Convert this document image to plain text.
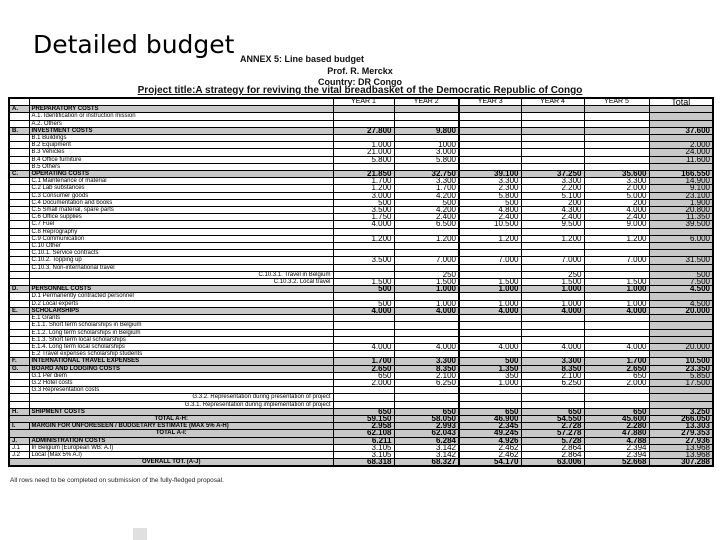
Detailed budget ANNEX 5: Line based budget
Prof. R. Merckx
Country: DR Congo
Project title:A strategy for reviving the vital breadbasket of the Democratic Republic of Congo
		YEAR 1	YEAR 2	YEAR 3	YEAR 4	YEAR 5	Total
A.	PREPARATORY COSTS						
	A.1. Identification or instruction mission						
	A.2. Others						
B.	INVESTMENT COSTS	27.800	9.800				37.600
	B.1 Buildings						
	B.2 Equipment	1.000	1000				2.000
	B.3 Vehicles	21.000	3.000				24.000
	B.4 Office furniture	5.800	5.800				11.600
	B.5 Others						
C.	OPERATING COSTS	21.850	32.750	39.100	37.250	35.600	166.550
	C.1 Maintenance of material	1.700	3.300	3.300	3.300	3.300	14.900
	C.2 Lab substances	1.200	1.700	2.300	2.200	2.000	9.100
	C.3 Consumer goods	3.000	4.200	5.800	5.100	5.000	23.100
	C.4 Documentation and books	500	500	500	200	200	1.900
	C.5 Small material, spare parts	3.500	4.200	4.800	4.300	4.000	20.800
	C.6 Office supplies	1.750	2.400	2.400	2.400	2.400	11.350
	C.7 Fuel	4.000	6.500	10.500	9.500	9.000	39.500
	C.8 Reprography						
	C.9 Communication	1.200	1.200	1.200	1.200	1.200	6.000
	C.10 Other						
	C.10.1. Service contracts						
	C.10.2. Topping up	3.500	7.000	7.000	7.000	7.000	31.500
	C.10.3. Non-international travel						
	C.10.3.1. Travel in Belgium		250		250		500
	C.10.3.2. Local travel	1.500	1.500	1.500	1.500	1.500	7.500
D.	PERSONNEL COSTS	500	1.000	1.000	1.000	1.000	4.500
	D.1 Permanently contracted personnel						
	D.2 Local experts	500	1.000	1.000	1.000	1.000	4.500
E.	SCHOLARSHIPS	4.000	4.000	4.000	4.000	4.000	20.000
	E.1 Grants						
	E.1.1. Short term scholarships in Belgium						
	E.1.2. Long term scholarships in Belgium						
	E.1.3. Short term local scholarships						
	E.1.4. Long term local scholarships	4.000	4.000	4.000	4.000	4.000	20.000
	E.2 Travel expenses scholarship students						
F.	INTERNATIONAL TRAVEL EXPENSES	1.700	3.300	500	3.300	1.700	10.500
G.	BOARD AND LODGING COSTS	2.650	8.350	1.350	8.350	2.650	23.350
	G.1 Per diem	650	2.100	350	2.100	650	5.850
	G.2 Hotel costs	2.000	6.250	1.000	6.250	2.000	17.500
	G.3 Representation costs						
	G.3.2. Representation during presentation of project						
	G.3.1. Representation during implementation of project						
H.	SHIPMENT COSTS	650	650	650	650	650	3.250
TOTAL A-H:		59.150	58.050	46.900	54.550	45.600	266.050
I.	MARGIN FOR UNFORESEEN / BUDGETARY ESTIMATE (MAX 5% A-H)	2.958	2.993	2.345	2.728	2.280	13.303
TOTAL A-I:		62.108	62.043	49.245	57.278	47.880	279.353
J.	ADMINISTRATION COSTS	6.211	6.284	4.926	5.728	4.788	27.936
J.1	In Belgium (European WB: A.I)	3.105	3.142	2.462	2.864	2.394	13.968
J.2	Local (Max 5% A.I)	3.105	3.142	2.462	2.864	2.394	13.968
OVERALL TOT. (A-J)		68.318	68.327	54.170	63.006	52.668	307.288
All rows need to be completed on submission of the fully-fledged proposal.
